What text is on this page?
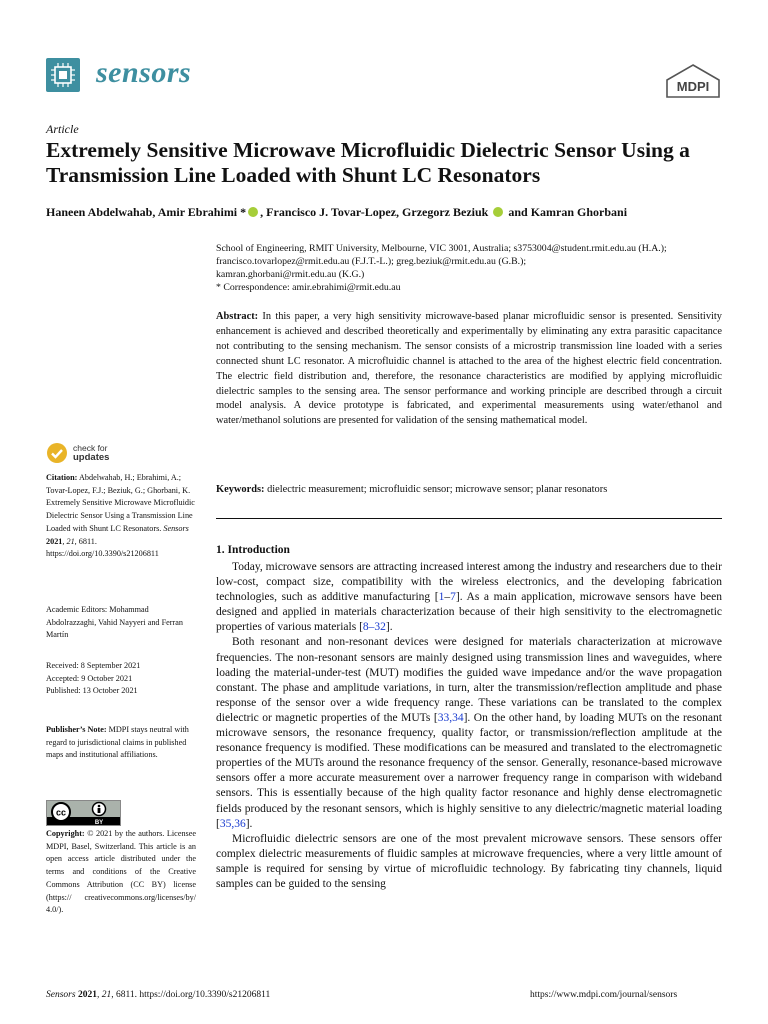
sensors	MDPI
Article
Extremely Sensitive Microwave Microfluidic Dielectric Sensor Using a Transmission Line Loaded with Shunt LC Resonators
Haneen Abdelwahab, Amir Ebrahimi * , Francisco J. Tovar-Lopez, Grzegorz Beziuk  and Kamran Ghorbani
School of Engineering, RMIT University, Melbourne, VIC 3001, Australia; s3753004@student.rmit.edu.au (H.A.);
francisco.tovarlopez@rmit.edu.au (F.J.T.-L.); greg.beziuk@rmit.edu.au (G.B.);
kamran.ghorbani@rmit.edu.au (K.G.)
* Correspondence: amir.ebrahimi@rmit.edu.au
Abstract: In this paper, a very high sensitivity microwave-based planar microfluidic sensor is presented. Sensitivity enhancement is achieved and described theoretically and experimentally by eliminating any extra parasitic capacitance not contributing to the sensing mechanism. The sensor consists of a microstrip transmission line loaded with a series connected shunt LC resonator. A microfluidic channel is attached to the area of the highest electric field concentration. The electric field distribution and, therefore, the resonance characteristics are modified by applying microfluidic dielectric samples to the sensing area. The sensor performance and working principle are described through a circuit model analysis. A device prototype is fabricated, and experimental measurements using water/ethanol and water/methanol solutions are presented for validation of the sensing mathematical model.
Keywords: dielectric measurement; microfluidic sensor; microwave sensor; planar resonators
1. Introduction

Today, microwave sensors are attracting increased interest among the industry and researchers due to their low-cost, compact size, compatibility with the wireless electronics, and the developing fabrication technologies, such as additive manufacturing [1–7]. As a main application, microwave sensors have been designed and applied in materials characterization because of their high sensitivity to the electromagnetic properties of various materials [8–32].

Both resonant and non-resonant devices were designed for materials characterization at microwave frequencies. The non-resonant sensors are mainly designed using transmission lines and waveguides, where loading the material-under-test (MUT) modifies the guided wave impedance and/or the wave propagation constant. The phase and amplitude variations, in turn, alter the transmission/reflection amplitude and phase response of the sensor over a wide frequency range. These variations can be translated to the complex dielectric or magnetic properties of the MUTs [33,34]. On the other hand, by loading MUTs on the resonant microwave sensors, the resonance frequency, quality factor, or transmission/reflection amplitude at the resonance frequency is modified. These modifications can be measured and translated to the electromagnetic properties of the MUTs around the resonance frequency of the sensor. Generally, resonance-based microwave sensors offer a more accurate measurement over a narrower frequency range in comparison with wideband sensors. This is essentially because of the high quality factor resonance and highly dense electromagnetic fields produced by the resonant sensors, which is highly sensitive to any dielectric/magnetic material loading [35,36].

Microfluidic dielectric sensors are one of the most prevalent microwave sensors. These sensors offer complex dielectric measurements of fluidic samples at microwave frequencies, where a very little amount of sample is required for sensing by virtue of microfluidic technology. By fabricating tiny channels, liquid samples can be guided to the sensing

check for
updates
Citation: Abdelwahab, H.; Ebrahimi, A.; Tovar-Lopez, F.J.; Beziuk, G.; Ghorbani, K. Extremely Sensitive Microwave Microfluidic Dielectric Sensor Using a Transmission Line Loaded with Shunt LC Resonators. Sensors 2021, 21, 6811. https://doi.org/10.3390/s21206811
Academic Editors: Mohammad Abdolrazzaghi, Vahid Nayyeri and Ferran Martín
Received: 8 September 2021
Accepted: 9 October 2021
Published: 13 October 2021
Publisher’s Note: MDPI stays neutral with regard to jurisdictional claims in published maps and institutional affiliations.
cc
BY
Copyright: © 2021 by the authors. Licensee MDPI, Basel, Switzerland. This article is an open access article distributed under the terms and conditions of the Creative Commons Attribution (CC BY) license (https:// creativecommons.org/licenses/by/ 4.0/).
Sensors 2021, 21, 6811. https://doi.org/10.3390/s21206811	https://www.mdpi.com/journal/sensors
